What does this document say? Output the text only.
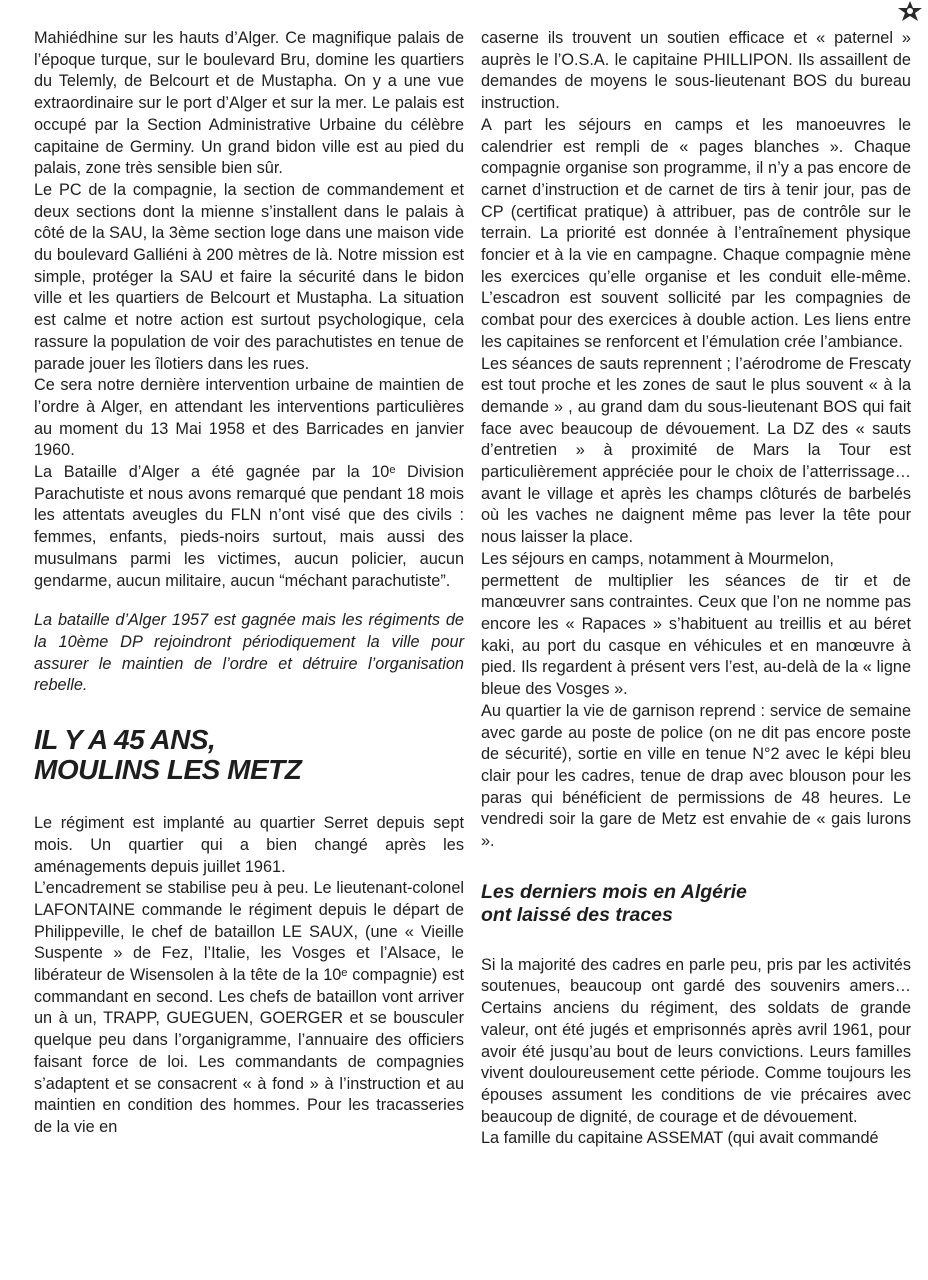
Mahiédhine sur les hauts d’Alger. Ce magnifique palais de l’époque turque, sur le boulevard Bru, domine les quartiers du Telemly, de Belcourt et de Mustapha. On y a une vue extraordinaire sur le port d’Alger et sur la mer. Le palais est occupé par la Section Administrative Urbaine du célèbre capitaine de Germiny. Un grand bidon ville est au pied du palais, zone très sensible bien sûr.

Le PC de la compagnie, la section de commandement et deux sections dont la mienne s’installent dans le palais à côté de la SAU, la 3ème section loge dans une maison vide du boulevard Galliéni à 200 mètres de là. Notre mission est simple, protéger la SAU et faire la sécurité dans le bidon ville et les quartiers de Belcourt et Mustapha. La situation est calme et notre action est surtout psychologique, cela rassure la population de voir des parachutistes en tenue de parade jouer les îlotiers dans les rues.

Ce sera notre dernière intervention urbaine de maintien de l’ordre à Alger, en attendant les interventions particulières au moment du 13 Mai 1958 et des Barricades en janvier 1960.

La Bataille d’Alger a été gagnée par la 10ᵉ Division Parachutiste et nous avons remarqué que pendant 18 mois les attentats aveugles du FLN n’ont visé que des civils : femmes, enfants, pieds-noirs surtout, mais aussi des musulmans parmi les victimes, aucun policier, aucun gendarme, aucun militaire, aucun “méchant parachutiste”.

La bataille d’Alger 1957 est gagnée mais les régiments de la 10ème DP rejoindront périodiquement la ville pour assurer le maintien de l’ordre et détruire l’organisation rebelle.

IL Y A 45 ANS,

MOULINS LES METZ

Le régiment est implanté au quartier Serret depuis sept mois. Un quartier qui a bien changé après les aménagements depuis juillet 1961.

L’encadrement se stabilise peu à peu. Le lieutenant-colonel LAFONTAINE commande le régiment depuis le départ de Philippeville, le chef de bataillon LE SAUX, (une « Vieille Suspente » de Fez, l’Italie, les Vosges et l’Alsace, le libérateur de Wisensolen à la tête de la 10ᵉ compagnie) est commandant en second. Les chefs de bataillon vont arriver un à un, TRAPP, GUEGUEN, GOERGER et se bousculer quelque peu dans l’organigramme, l’annuaire des officiers faisant force de loi. Les commandants de compagnies s’adaptent et se consacrent « à fond » à l’instruction et au maintien en condition des hommes. Pour les tracasseries de la vie en

caserne ils trouvent un soutien efficace et « paternel » auprès le l’O.S.A. le capitaine PHILLIPON. Ils assaillent de demandes de moyens le sous-lieutenant BOS du bureau instruction.

A part les séjours en camps et les manoeuvres le calendrier est rempli de « pages blanches ». Chaque compagnie organise son programme, il n’y a pas encore de carnet d’instruction et de carnet de tirs à tenir jour, pas de CP (certificat pratique) à attribuer, pas de contrôle sur le terrain. La priorité est donnée à l’entraînement physique foncier et à la vie en campagne. Chaque compagnie mène les exercices qu’elle organise et les conduit elle-même. L’escadron est souvent sollicité par les compagnies de combat pour des exercices à double action. Les liens entre les capitaines se renforcent et l’émulation crée l’ambiance.

Les séances de sauts reprennent ; l’aérodrome de Frescaty est tout proche et les zones de saut le plus souvent « à la demande » , au grand dam du sous-lieutenant BOS qui fait face avec beaucoup de dévouement. La DZ des « sauts d’entretien » à proximité de Mars la Tour est particulièrement appréciée pour le choix de l’atterrissage… avant le village et après les champs clôturés de barbelés où les vaches ne daignent même pas lever la tête pour nous laisser la place.

Les séjours en camps, notamment à Mourmelon,

permettent de multiplier les séances de tir et de manœuvrer sans contraintes. Ceux que l’on ne nomme pas encore les « Rapaces » s’habituent au treillis et au béret kaki, au port du casque en véhicules et en manœuvre à pied. Ils regardent à présent vers l’est, au-delà de la « ligne bleue des Vosges ».

Au quartier la vie de garnison reprend : service de semaine avec garde au poste de police (on ne dit pas encore poste de sécurité), sortie en ville en tenue N°2 avec le képi bleu clair pour les cadres, tenue de drap avec blouson pour les paras qui bénéficient de permissions de 48 heures. Le vendredi soir la gare de Metz est envahie de « gais lurons ».

Les derniers mois en Algérie

ont laissé des traces

Si la majorité des cadres en parle peu, pris par les activités soutenues, beaucoup ont gardé des souvenirs amers… Certains anciens du régiment, des soldats de grande valeur, ont été jugés et emprisonnés après avril 1961, pour avoir été jusqu’au bout de leurs convictions. Leurs familles vivent douloureusement cette période. Comme toujours les épouses assument les conditions de vie précaires avec beaucoup de dignité, de courage et de dévouement.

La famille du capitaine ASSEMAT (qui avait commandé
